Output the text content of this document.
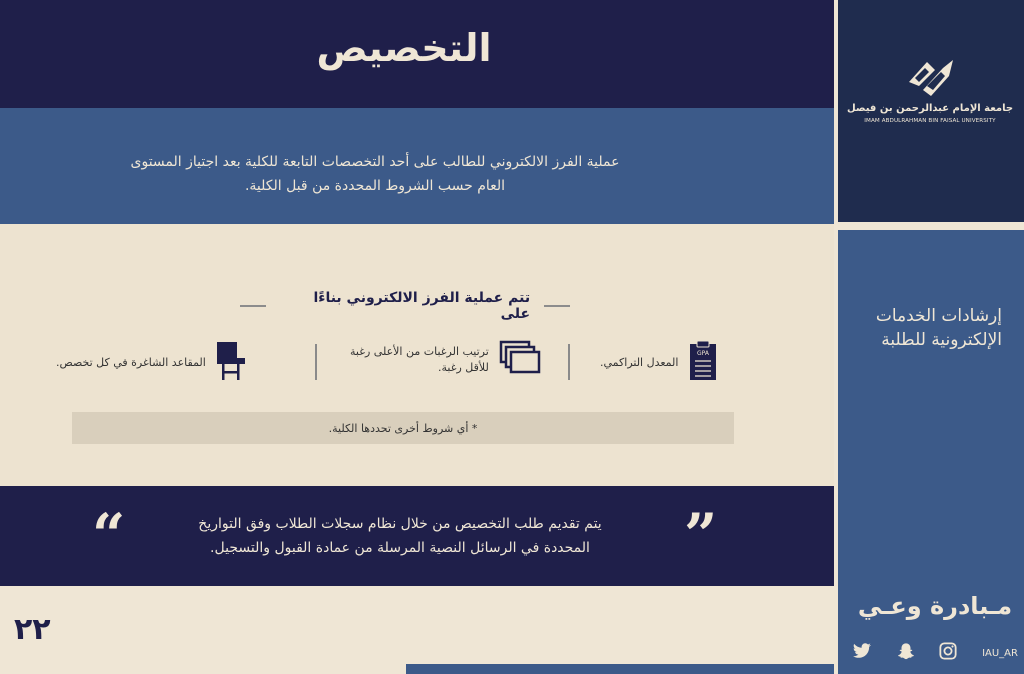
التخصيص
عملية الفرز الالكتروني للطالب على أحد التخصصات التابعة للكلية بعد اجتياز المستوى العام حسب الشروط المحددة من قبل الكلية.
تتم عملية الفرز الالكتروني بناءًا على
GPA
المعدل التراكمي.
ترتيب الرغبات من الأعلى رغبة
للأقل رغبة.
المقاعد الشاغرة في كل تخصص.
* أي شروط أخرى تحددها الكلية.
”
“	يتم تقديم طلب التخصيص من خلال نظام سجلات الطلاب وفق التواريخ
المحددة في الرسائل النصية المرسلة من عمادة القبول والتسجيل.
٢٢
جامعة الإمام عبدالرحمن بن فيصل
IMAM ABDULRAHMAN BIN FAISAL UNIVERSITY
إرشادات الخدمات
الإلكترونية للطلبة
مـبادرة وعـي
IAU_AR
